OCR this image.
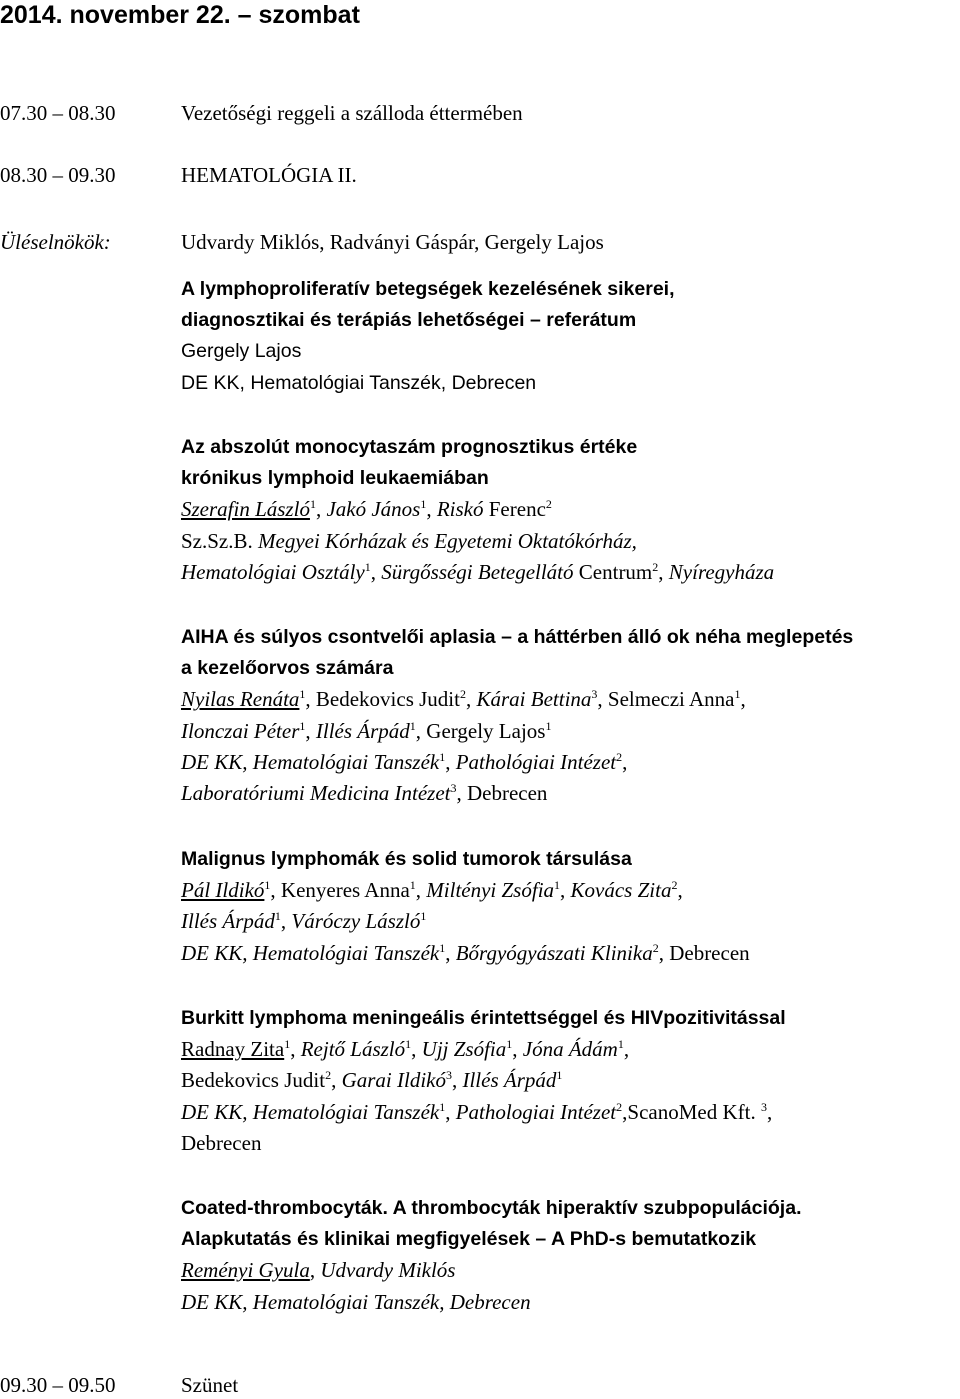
2014. november 22. – szombat
07.30 – 08.30	Vezetőségi reggeli a szálloda éttermében
08.30 – 09.30	HEMATOLÓGIA II.
Üléselnökök:	Udvardy Miklós, Radványi Gáspár, Gergely Lajos
A lymphoproliferatív betegségek kezelésének sikerei,
diagnosztikai és terápiás lehetőségei – referátum
Gergely Lajos
DE KK, Hematológiai Tanszék, Debrecen
Az abszolút monocytaszám prognosztikus értéke
krónikus lymphoid leukaemiában
Szerafin László$^1$, Jakó János$^1$, Riskó Ferenc$^2$
Sz.Sz.B. Megyei Kórházak és Egyetemi Oktatókórház,
Hematológiai Osztály$^1$, Sürgősségi Betegellátó Centrum$^2$, Nyíregyháza
AIHA és súlyos csontvelői aplasia – a háttérben álló ok néha meglepetés
a kezelőorvos számára
Nyilas Renáta$^1$, Bedekovics Judit$^2$, Kárai Bettina$^3$, Selmeczi Anna$^1$,
Ilonczai Péter$^1$, Illés Árpád$^1$, Gergely Lajos$^1$
DE KK, Hematológiai Tanszék$^1$, Pathológiai Intézet$^2$,
Laboratóriumi Medicina Intézet$^3$, Debrecen
Malignus lymphomák és solid tumorok társulása
Pál Ildikó$^1$, Kenyeres Anna$^1$, Miltényi Zsófia$^1$, Kovács Zita$^2$,
Illés Árpád$^1$, Váróczy László$^1$
DE KK, Hematológiai Tanszék$^1$, Bőrgyógyászati Klinika$^2$, Debrecen
Burkitt lymphoma meningeális érintettséggel és HIVpozitivitással
Radnay Zita$^1$, Rejtő László$^1$, Ujj Zsófia$^1$, Jóna Ádám$^1$,
Bedekovics Judit$^2$, Garai Ildikó$^3$, Illés Árpád$^1$
DE KK, Hematológiai Tanszék$^1$, Pathologiai Intézet$^2$,ScanoMed Kft. $^3$,
Debrecen
Coated-thrombocyták. A thrombocyták hiperaktív szubpopulációja.
Alapkutatás és klinikai megfigyelések – A PhD-s bemutatkozik
Reményi Gyula, Udvardy Miklós
DE KK, Hematológiai Tanszék, Debrecen
09.30 – 09.50	Szünet
